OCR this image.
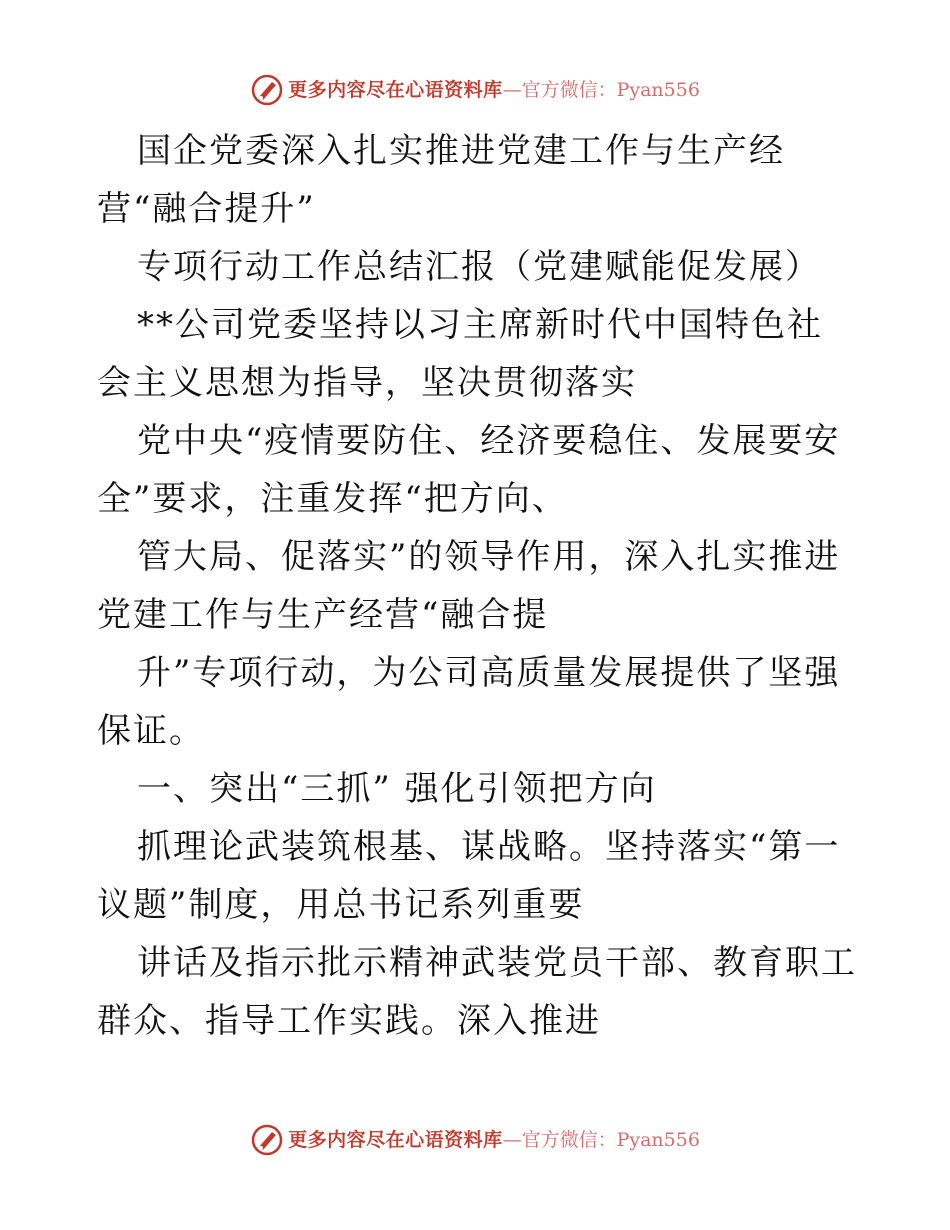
更多内容尽在心语资料库—官方微信：Pyan556

国企党委深入扎实推进党建工作与生产经营“融合提升”

专项行动工作总结汇报（党建赋能促发展）

**公司党委坚持以习主席新时代中国特色社会主义思想为指导，坚决贯彻落实

党中央“疫情要防住、经济要稳住、发展要安全”要求，注重发挥“把方向、

管大局、促落实”的领导作用，深入扎实推进党建工作与生产经营“融合提

升”专项行动，为公司高质量发展提供了坚强保证。

一、突出“三抓” 强化引领把方向

抓理论武装筑根基、谋战略。坚持落实“第一议题”制度，用总书记系列重要

讲话及指示批示精神武装党员干部、教育职工群众、指导工作实践。深入推进

更多内容尽在心语资料库—官方微信：Pyan556
